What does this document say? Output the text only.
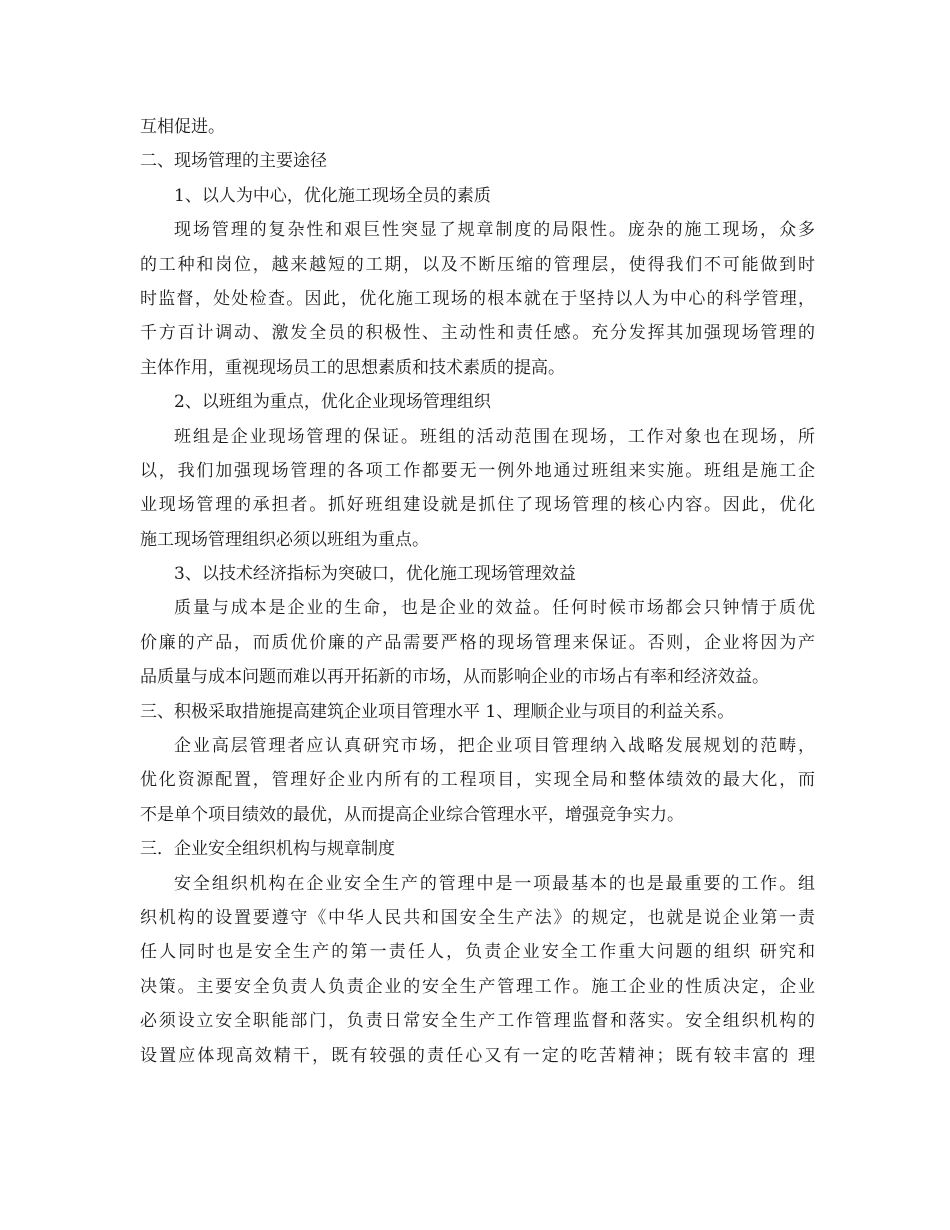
互相促进。
二、现场管理的主要途径
1、以人为中心，优化施工现场全员的素质
现场管理的复杂性和艰巨性突显了规章制度的局限性。庞杂的施工现场，众多
的工种和岗位，越来越短的工期，以及不断压缩的管理层，使得我们不可能做到时
时监督，处处检查。因此，优化施工现场的根本就在于坚持以人为中心的科学管理，
千方百计调动、激发全员的积极性、主动性和责任感。充分发挥其加强现场管理的
主体作用，重视现场员工的思想素质和技术素质的提高。
2、以班组为重点，优化企业现场管理组织
班组是企业现场管理的保证。班组的活动范围在现场，工作对象也在现场，所
以，我们加强现场管理的各项工作都要无一例外地通过班组来实施。班组是施工企
业现场管理的承担者。抓好班组建设就是抓住了现场管理的核心内容。因此，优化
施工现场管理组织必须以班组为重点。
3、以技术经济指标为突破口，优化施工现场管理效益
质量与成本是企业的生命，也是企业的效益。任何时候市场都会只钟情于质优
价廉的产品，而质优价廉的产品需要严格的现场管理来保证。否则，企业将因为产
品质量与成本问题而难以再开拓新的市场，从而影响企业的市场占有率和经济效益。
三、积极采取措施提高建筑企业项目管理水平 1、理顺企业与项目的利益关系。
企业高层管理者应认真研究市场，把企业项目管理纳入战略发展规划的范畴，
优化资源配置，管理好企业内所有的工程项目，实现全局和整体绩效的最大化，而
不是单个项目绩效的最优，从而提高企业综合管理水平，增强竞争实力。
三．企业安全组织机构与规章制度
安全组织机构在企业安全生产的管理中是一项最基本的也是最重要的工作。组
织机构的设置要遵守《中华人民共和国安全生产法》的规定，也就是说企业第一责
任人同时也是安全生产的第一责任人，负责企业安全工作重大问题的组织 研究和
决策。主要安全负责人负责企业的安全生产管理工作。施工企业的性质决定，企业
必须设立安全职能部门，负责日常安全生产工作管理监督和落实。安全组织机构的
设置应体现高效精干，既有较强的责任心又有一定的吃苦精神；既有较丰富的 理
